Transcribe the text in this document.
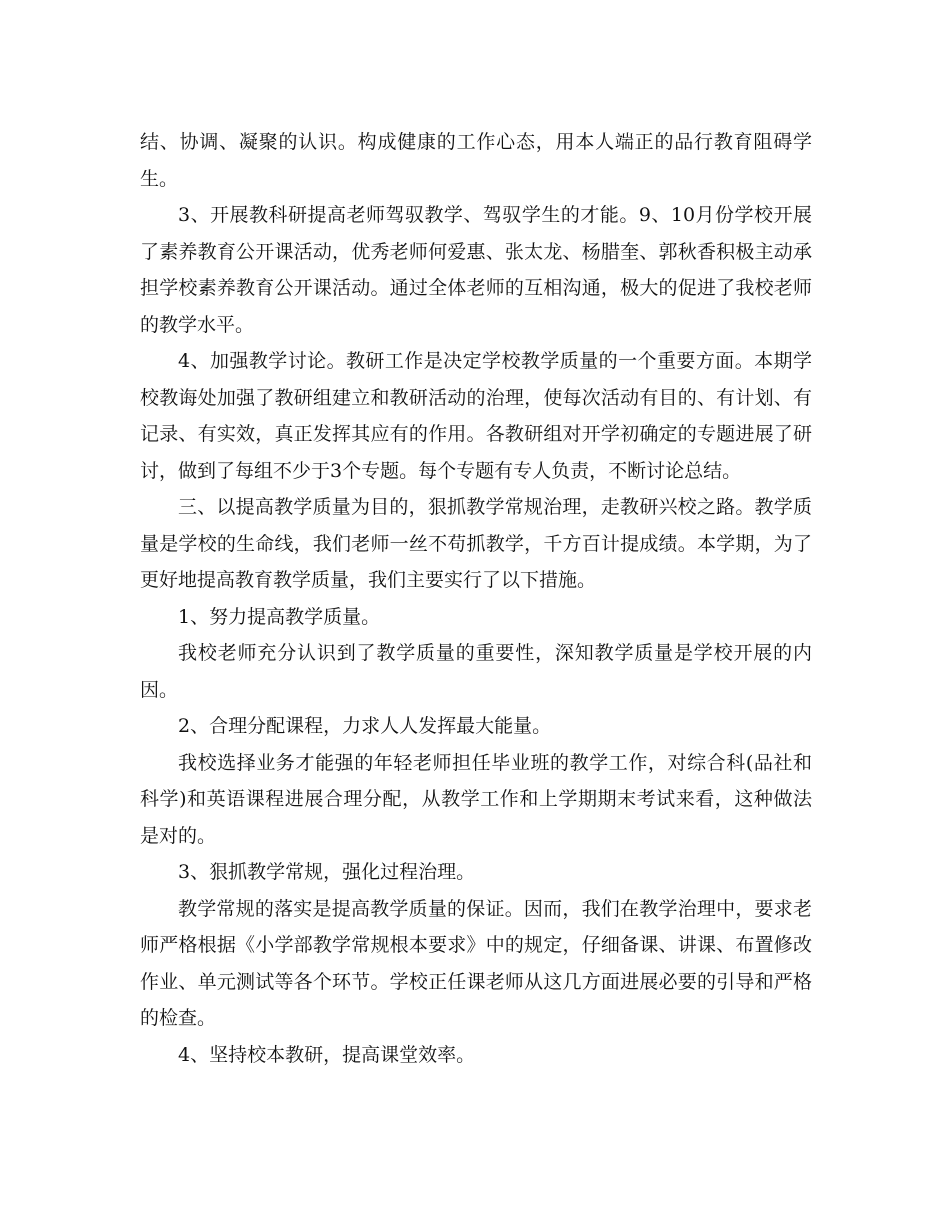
结、协调、凝聚的认识。构成健康的工作心态，用本人端正的品行教育阻碍学生。

3、开展教科研提高老师驾驭教学、驾驭学生的才能。9、10月份学校开展了素养教育公开课活动，优秀老师何爱惠、张太龙、杨腊奎、郭秋香积极主动承担学校素养教育公开课活动。通过全体老师的互相沟通，极大的促进了我校老师的教学水平。

4、加强教学讨论。教研工作是决定学校教学质量的一个重要方面。本期学校教诲处加强了教研组建立和教研活动的治理，使每次活动有目的、有计划、有记录、有实效，真正发挥其应有的作用。各教研组对开学初确定的专题进展了研讨，做到了每组不少于3个专题。每个专题有专人负责，不断讨论总结。

三、以提高教学质量为目的，狠抓教学常规治理，走教研兴校之路。教学质量是学校的生命线，我们老师一丝不苟抓教学，千方百计提成绩。本学期，为了更好地提高教育教学质量，我们主要实行了以下措施。

1、努力提高教学质量。

我校老师充分认识到了教学质量的重要性，深知教学质量是学校开展的内因。

2、合理分配课程，力求人人发挥最大能量。

我校选择业务才能强的年轻老师担任毕业班的教学工作，对综合科(品社和科学)和英语课程进展合理分配，从教学工作和上学期期末考试来看，这种做法是对的。

3、狠抓教学常规，强化过程治理。

教学常规的落实是提高教学质量的保证。因而，我们在教学治理中，要求老师严格根据《小学部教学常规根本要求》中的规定，仔细备课、讲课、布置修改作业、单元测试等各个环节。学校正任课老师从这几方面进展必要的引导和严格的检查。

4、坚持校本教研，提高课堂效率。
